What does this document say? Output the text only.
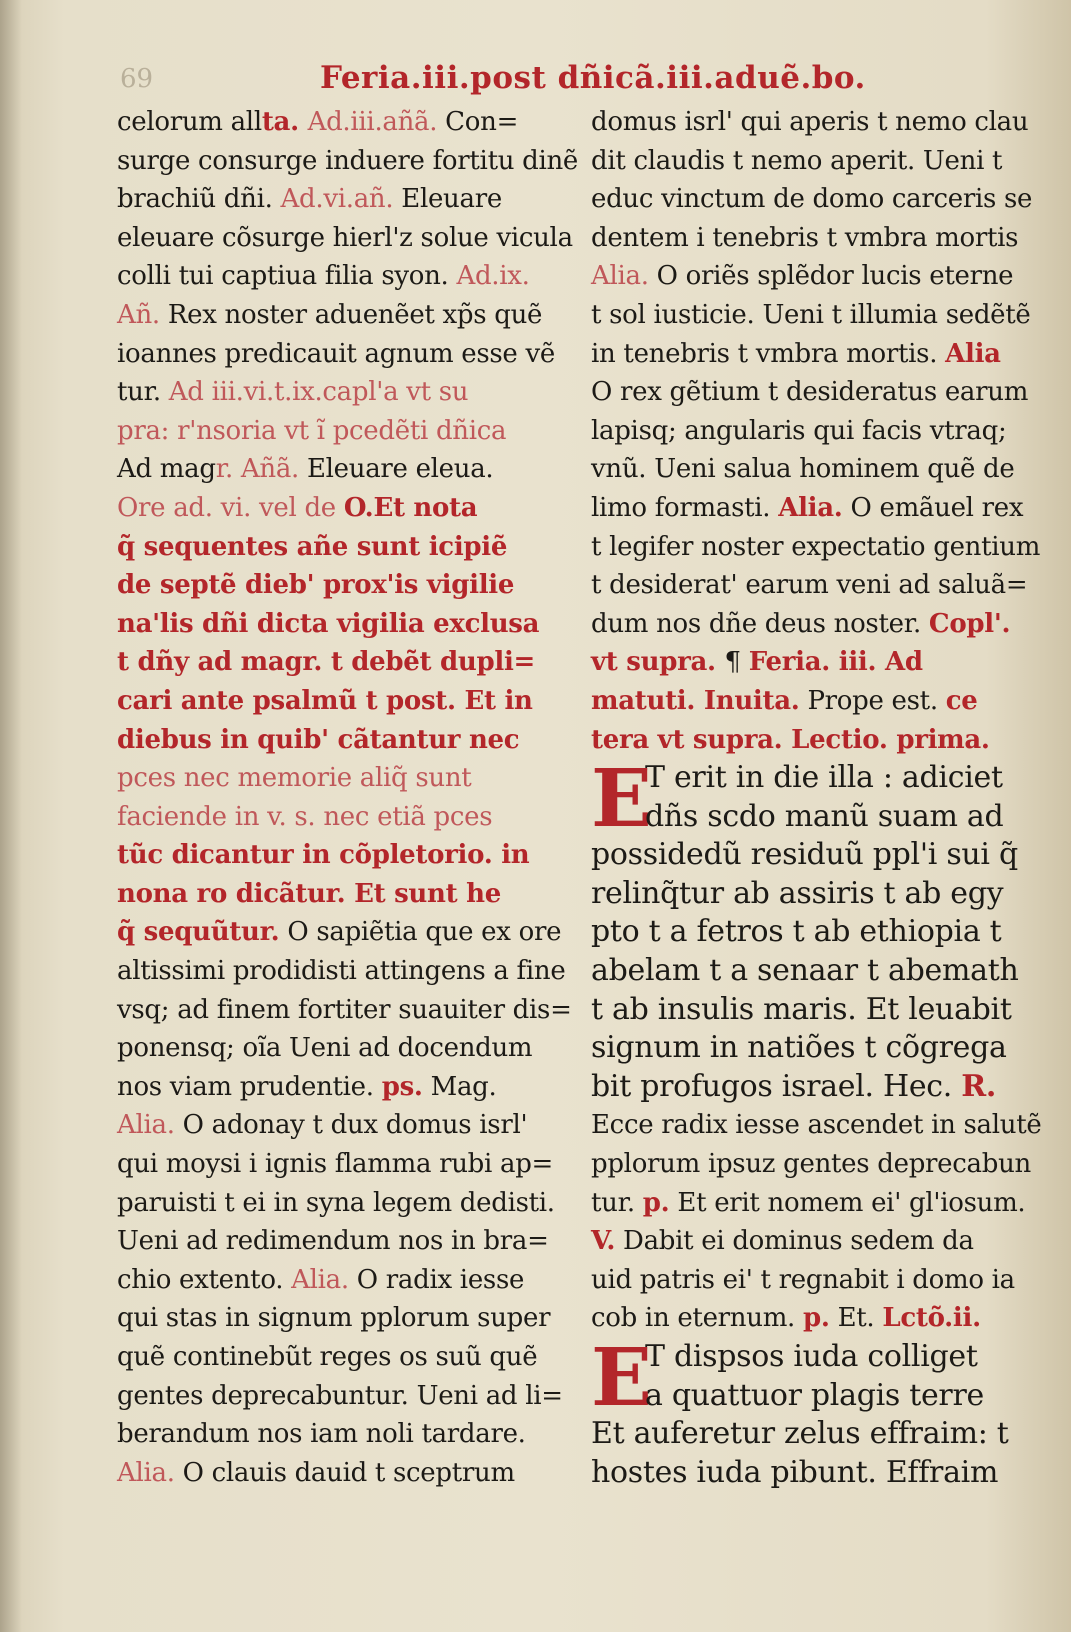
69	Feria.iii.post dñicã.iii.aduẽ.bo.
celorum allta. Ad.iii.añã. Con=
surge consurge induere fortitu dinẽ
brachiũ dñi. Ad.vi.añ. Eleuare
eleuare cõsurge hierl'z solue vicula
colli tui captiua filia syon. Ad.ix.
Añ. Rex noster aduenẽet xp̃s quẽ
ioannes predicauit agnum esse vẽ
tur. Ad iii.vi.t.ix.capl'a vt su
pra: r'nsoria vt ĩ pcedẽti dñica
Ad magr. Añã. Eleuare eleua.
Ore ad. vi. vel de O.Et nota
q̃ sequentes añe sunt icipiẽ
de septẽ dieb' prox'is vigilie
na'lis dñi dicta vigilia exclusa
t dñy ad magr. t debẽt dupli=
cari ante psalmũ t post. Et in
diebus in quib' cãtantur nec
pces nec memorie aliq̃ sunt
faciende in v. s. nec etiã pces
tũc dicantur in cõpletorio. in
nona ro dicãtur. Et sunt he
q̃ sequũtur. O sapiẽtia que ex ore
altissimi prodidisti attingens a fine
vsq; ad finem fortiter suauiter dis=
ponensq; oĩa Ueni ad docendum
nos viam prudentie. ps. Mag.
Alia. O adonay t dux domus isrl'
qui moysi i ignis flamma rubi ap=
paruisti t ei in syna legem dedisti.
Ueni ad redimendum nos in bra=
chio extento. Alia. O radix iesse
qui stas in signum pplorum super
quẽ continebũt reges os suũ quẽ
gentes deprecabuntur. Ueni ad li=
berandum nos iam noli tardare.
Alia. O clauis dauid t sceptrum
domus isrl' qui aperis t nemo clau
dit claudis t nemo aperit. Ueni t
educ vinctum de domo carceris se
dentem i tenebris t vmbra mortis
Alia. O oriẽs splẽdor lucis eterne
t sol iusticie. Ueni t illumia sedẽtẽ
in tenebris t vmbra mortis. Alia
O rex gẽtium t desideratus earum
lapisq; angularis qui facis vtraq;
vnũ. Ueni salua hominem quẽ de
limo formasti. Alia. O emãuel rex
t legifer noster expectatio gentium
t desiderat' earum veni ad saluã=
dum nos dñe deus noster. Copl'.
vt supra. ¶ Feria. iii. Ad
matuti. Inuita. Prope est. ce
tera vt supra. Lectio. prima.
E
T erit in die illa : adiciet
dñs scdo manũ suam ad
possidedũ residuũ ppl'i sui q̃
relinq̃tur ab assiris t ab egy
pto t a fetros t ab ethiopia t
abelam t a senaar t abemath
t ab insulis maris. Et leuabit
signum in natiões t cõgrega
bit profugos israel. Hec. R.
Ecce radix iesse ascendet in salutẽ
pplorum ipsuz gentes deprecabun
tur. p. Et erit nomem ei' gl'iosum.
V. Dabit ei dominus sedem da
uid patris ei' t regnabit i domo ia
cob in eternum. p. Et. Lctõ.ii.
E
T dispsos iuda colliget
a quattuor plagis terre
Et auferetur zelus effraim: t
hostes iuda pibunt. Effraim
